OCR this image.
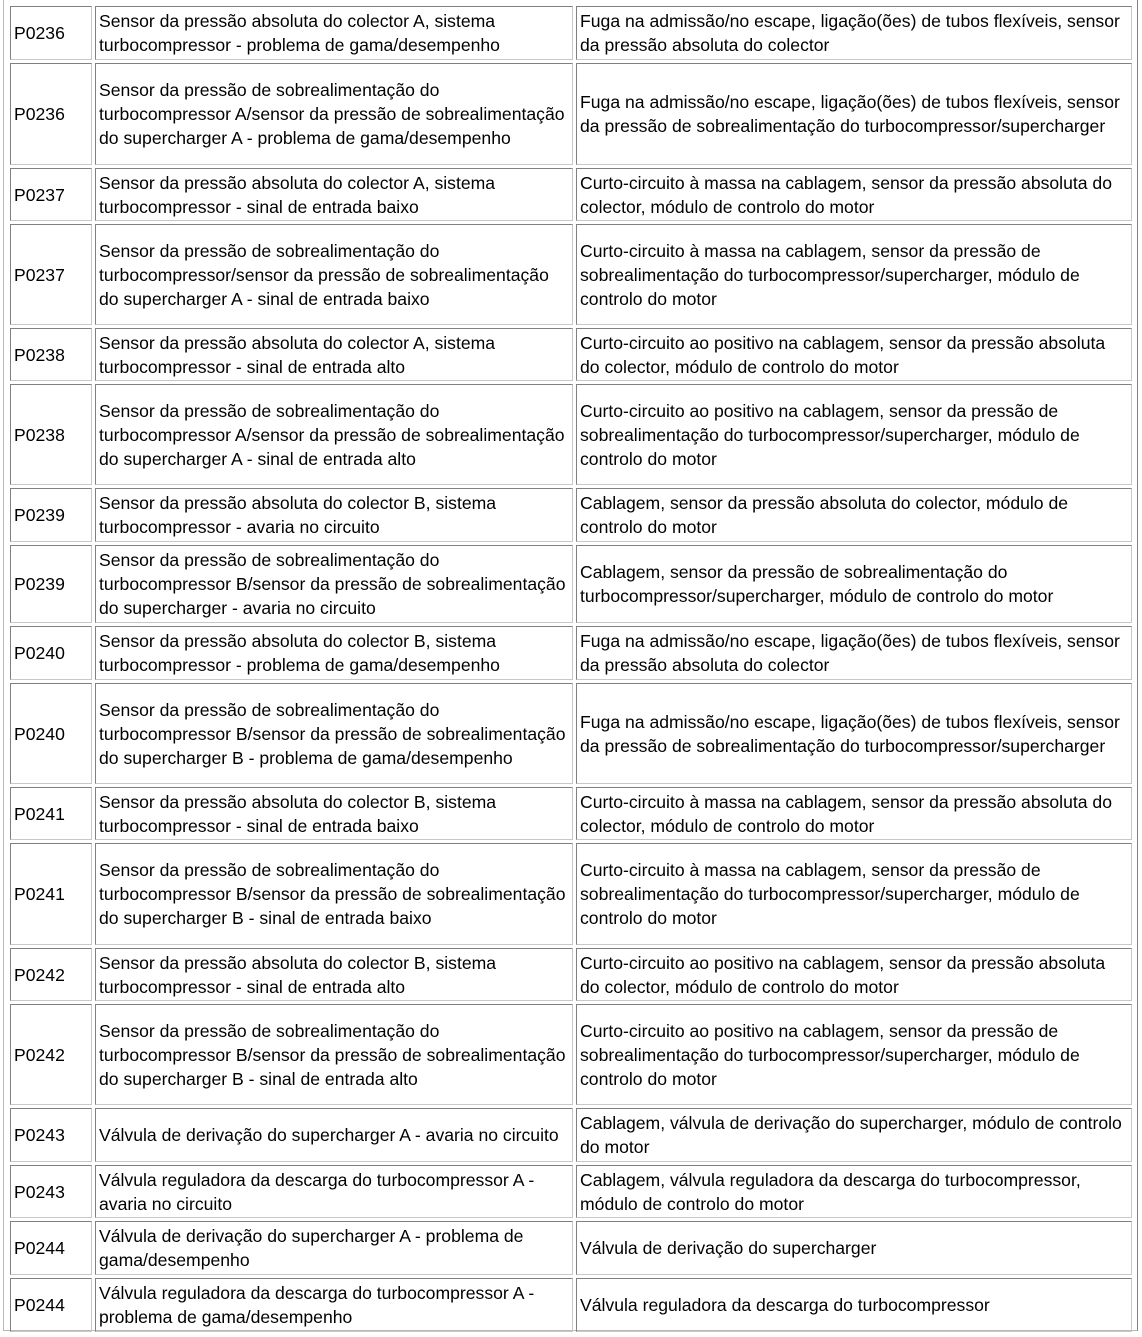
P0236	Sensor da pressão absoluta do colector A, sistema turbocompressor - problema de gama/desempenho	Fuga na admissão/no escape, ligação(ões) de tubos flexíveis, sensor da pressão absoluta do colector
P0236	Sensor da pressão de sobrealimentação do turbocompressor A/sensor da pressão de sobrealimentação do supercharger A - problema de gama/desempenho	Fuga na admissão/no escape, ligação(ões) de tubos flexíveis, sensor da pressão de sobrealimentação do turbocompressor/supercharger
P0237	Sensor da pressão absoluta do colector A, sistema turbocompressor - sinal de entrada baixo	Curto-circuito à massa na cablagem, sensor da pressão absoluta do colector, módulo de controlo do motor
P0237	Sensor da pressão de sobrealimentação do turbocompressor/sensor da pressão de sobrealimentação do supercharger A - sinal de entrada baixo	Curto-circuito à massa na cablagem, sensor da pressão de sobrealimentação do turbocompressor/supercharger, módulo de controlo do motor
P0238	Sensor da pressão absoluta do colector A, sistema turbocompressor - sinal de entrada alto	Curto-circuito ao positivo na cablagem, sensor da pressão absoluta do colector, módulo de controlo do motor
P0238	Sensor da pressão de sobrealimentação do turbocompressor A/sensor da pressão de sobrealimentação do supercharger A - sinal de entrada alto	Curto-circuito ao positivo na cablagem, sensor da pressão de sobrealimentação do turbocompressor/supercharger, módulo de controlo do motor
P0239	Sensor da pressão absoluta do colector B, sistema turbocompressor - avaria no circuito	Cablagem, sensor da pressão absoluta do colector, módulo de controlo do motor
P0239	Sensor da pressão de sobrealimentação do turbocompressor B/sensor da pressão de sobrealimentação do supercharger - avaria no circuito	Cablagem, sensor da pressão de sobrealimentação do turbocompressor/supercharger, módulo de controlo do motor
P0240	Sensor da pressão absoluta do colector B, sistema turbocompressor - problema de gama/desempenho	Fuga na admissão/no escape, ligação(ões) de tubos flexíveis, sensor da pressão absoluta do colector
P0240	Sensor da pressão de sobrealimentação do turbocompressor B/sensor da pressão de sobrealimentação do supercharger B - problema de gama/desempenho	Fuga na admissão/no escape, ligação(ões) de tubos flexíveis, sensor da pressão de sobrealimentação do turbocompressor/supercharger
P0241	Sensor da pressão absoluta do colector B, sistema turbocompressor - sinal de entrada baixo	Curto-circuito à massa na cablagem, sensor da pressão absoluta do colector, módulo de controlo do motor
P0241	Sensor da pressão de sobrealimentação do turbocompressor B/sensor da pressão de sobrealimentação do supercharger B - sinal de entrada baixo	Curto-circuito à massa na cablagem, sensor da pressão de sobrealimentação do turbocompressor/supercharger, módulo de controlo do motor
P0242	Sensor da pressão absoluta do colector B, sistema turbocompressor - sinal de entrada alto	Curto-circuito ao positivo na cablagem, sensor da pressão absoluta do colector, módulo de controlo do motor
P0242	Sensor da pressão de sobrealimentação do turbocompressor B/sensor da pressão de sobrealimentação do supercharger B - sinal de entrada alto	Curto-circuito ao positivo na cablagem, sensor da pressão de sobrealimentação do turbocompressor/supercharger, módulo de controlo do motor
P0243	Válvula de derivação do supercharger A - avaria no circuito	Cablagem, válvula de derivação do supercharger, módulo de controlo do motor
P0243	Válvula reguladora da descarga do turbocompressor A - avaria no circuito	Cablagem, válvula reguladora da descarga do turbocompressor, módulo de controlo do motor
P0244	Válvula de derivação do supercharger A - problema de gama/desempenho	Válvula de derivação do supercharger
P0244	Válvula reguladora da descarga do turbocompressor A - problema de gama/desempenho	Válvula reguladora da descarga do turbocompressor
